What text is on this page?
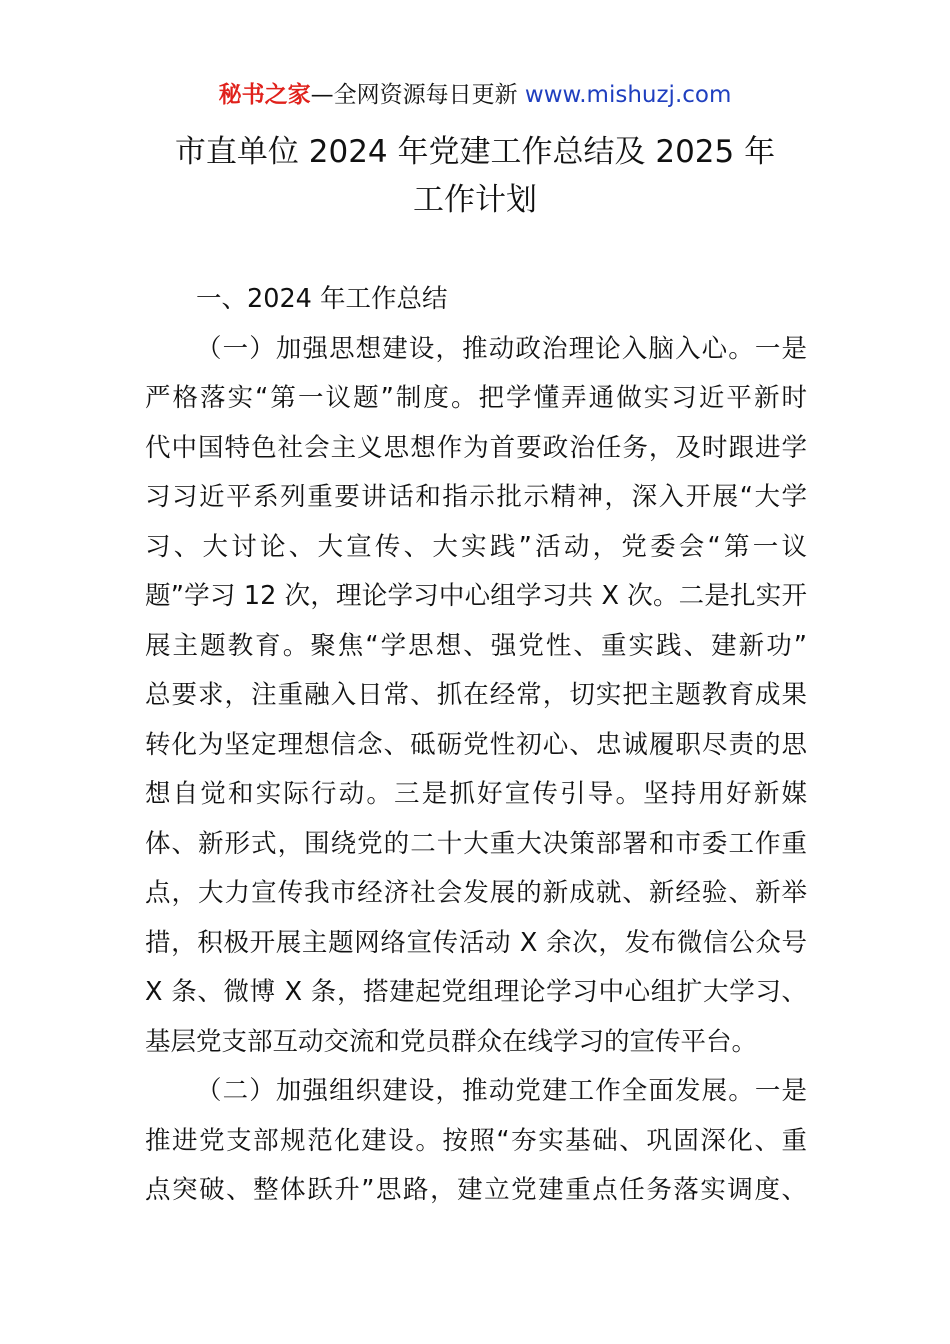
秘书之家—全网资源每日更新 www.mishuzj.com
市直单位 2024 年党建工作总结及 2025 年
工作计划

一、2024 年工作总结

（一）加强思想建设，推动政治理论入脑入心。一是
严格落实“第一议题”制度。把学懂弄通做实习近平新时
代中国特色社会主义思想作为首要政治任务，及时跟进学
习习近平系列重要讲话和指示批示精神，深入开展“大学
习、大讨论、大宣传、大实践”活动，党委会“第一议
题”学习 12 次，理论学习中心组学习共 X 次。二是扎实开
展主题教育。聚焦“学思想、强党性、重实践、建新功”
总要求，注重融入日常、抓在经常，切实把主题教育成果
转化为坚定理想信念、砥砺党性初心、忠诚履职尽责的思
想自觉和实际行动。三是抓好宣传引导。坚持用好新媒
体、新形式，围绕党的二十大重大决策部署和市委工作重
点，大力宣传我市经济社会发展的新成就、新经验、新举
措，积极开展主题网络宣传活动 X 余次，发布微信公众号
X 条、微博 X 条，搭建起党组理论学习中心组扩大学习、
基层党支部互动交流和党员群众在线学习的宣传平台。

（二）加强组织建设，推动党建工作全面发展。一是
推进党支部规范化建设。按照“夯实基础、巩固深化、重
点突破、整体跃升”思路，建立党建重点任务落实调度、
